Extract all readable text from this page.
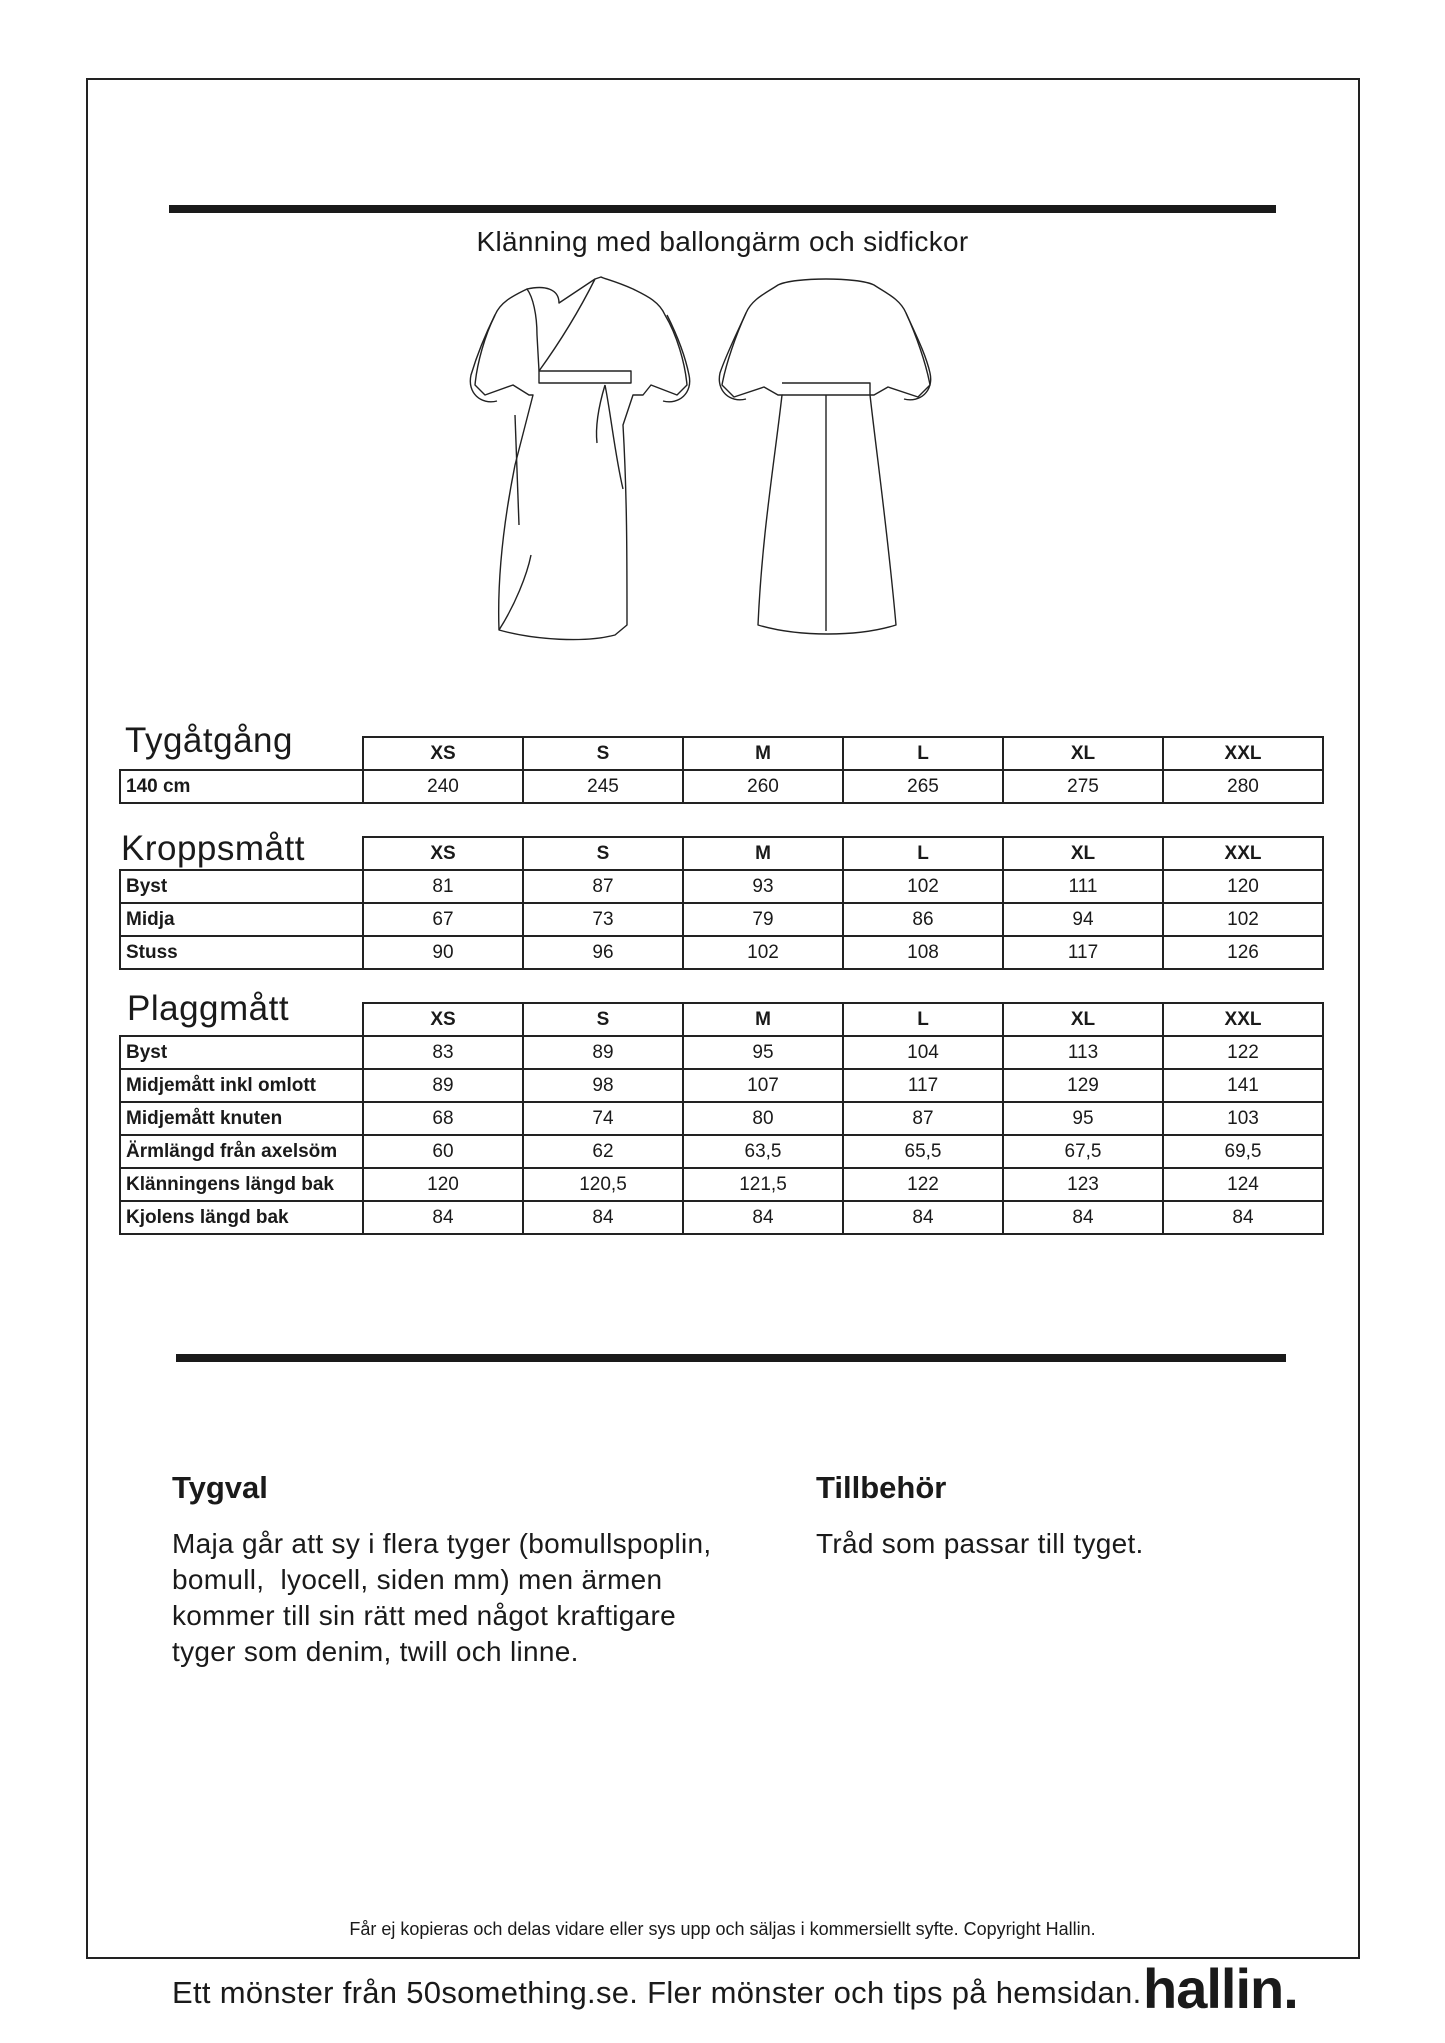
Klänning med ballongärm och sidfickor
Tygåtgång
		XS	S	M	L	XL	XXL
140 cm	240	245	260	265	275	280
Kroppsmått
		XS	S	M	L	XL	XXL
Byst	81	87	93	102	111	120
Midja	67	73	79	86	94	102
Stuss	90	96	102	108	117	126
Plaggmått
		XS	S	M	L	XL	XXL
Byst	83	89	95	104	113	122
Midjemått inkl omlott	89	98	107	117	129	141
Midjemått knuten	68	74	80	87	95	103
Ärmlängd från axelsöm	60	62	63,5	65,5	67,5	69,5
Klänningens längd bak	120	120,5	121,5	122	123	124
Kjolens längd bak	84	84	84	84	84	84
Tygval
Maja går att sy i flera tyger (bomullspoplin,
bomull,  lyocell, siden mm) men ärmen
kommer till sin rätt med något kraftigare
tyger som denim, twill och linne.
Tillbehör
Tråd som passar till tyget.
Får ej kopieras och delas vidare eller sys upp och säljas i kommersiellt syfte. Copyright Hallin.
Ett mönster från 50something.se. Fler mönster och tips på hemsidan. hallin.
